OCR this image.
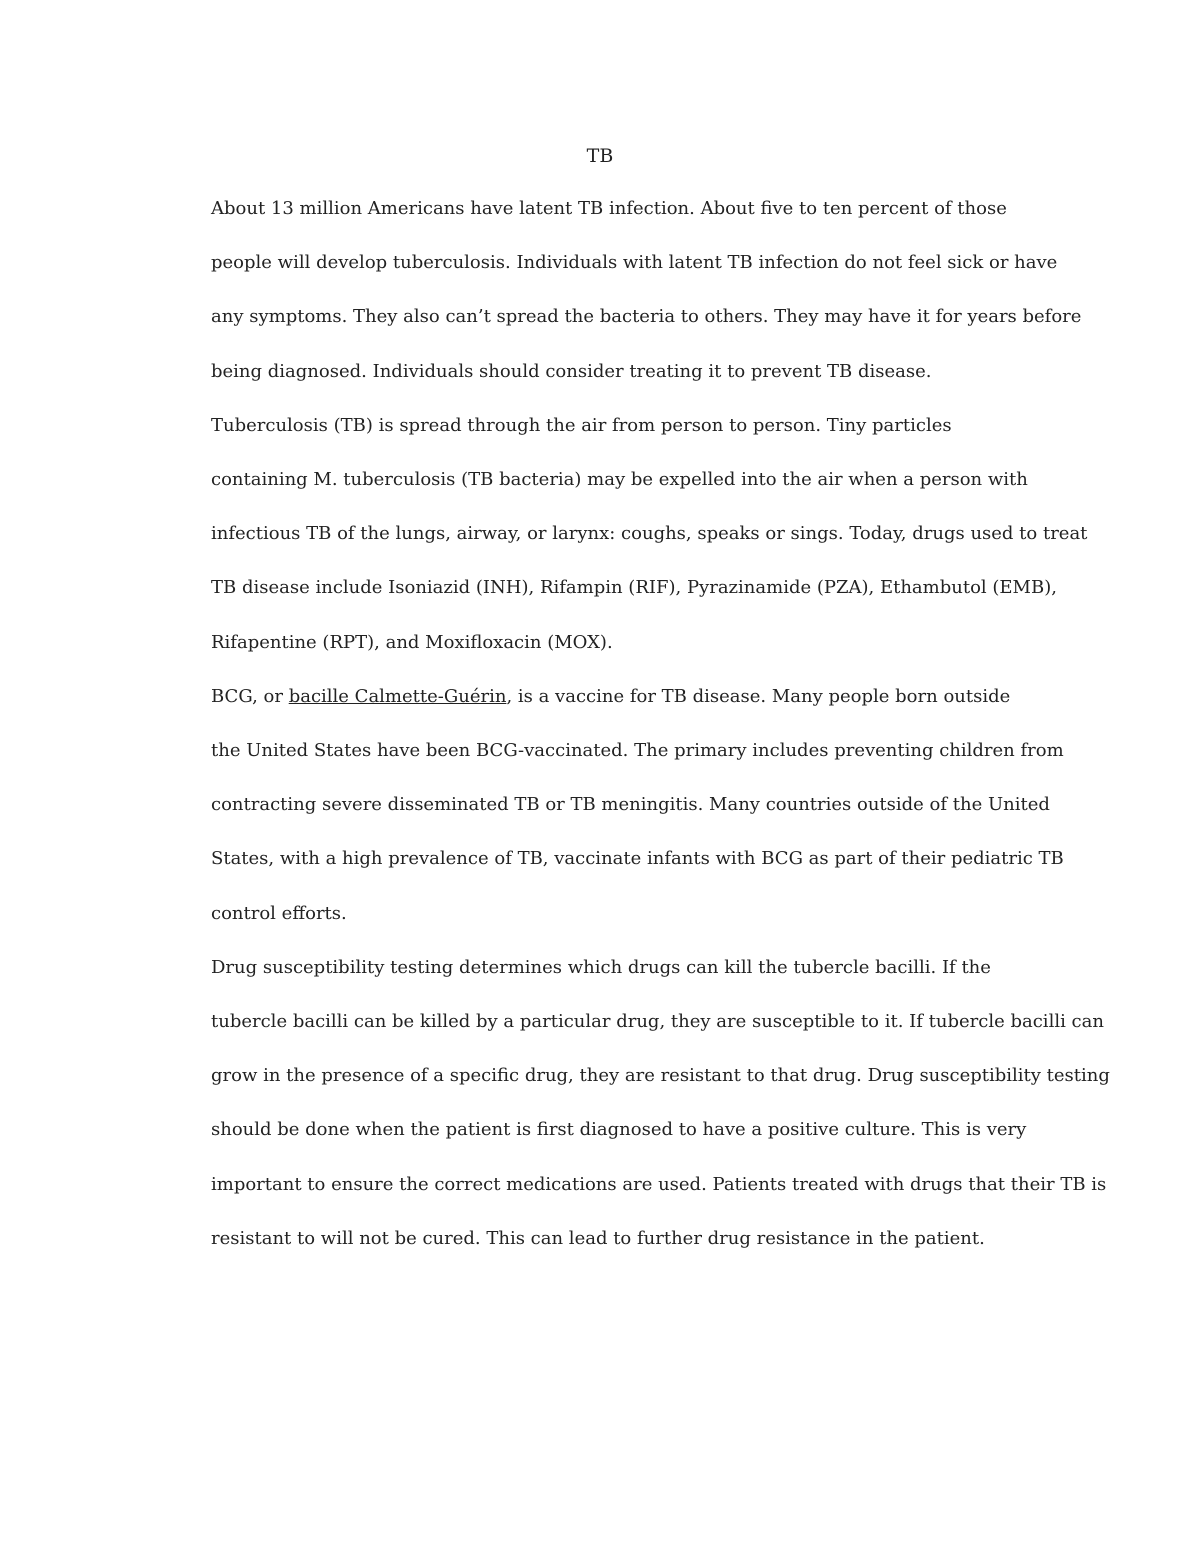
TB

About 13 million Americans have latent TB infection. About five to ten percent of those
people will develop tuberculosis. Individuals with latent TB infection do not feel sick or have
any symptoms. They also can’t spread the bacteria to others. They may have it for years before
being diagnosed. Individuals should consider treating it to prevent TB disease.

Tuberculosis (TB) is spread through the air from person to person. Tiny particles
containing M. tuberculosis (TB bacteria) may be expelled into the air when a person with
infectious TB of the lungs, airway, or larynx: coughs, speaks or sings. Today, drugs used to treat
TB disease include Isoniazid (INH), Rifampin (RIF), Pyrazinamide (PZA), Ethambutol (EMB),
Rifapentine (RPT), and Moxifloxacin (MOX).

BCG, or bacille Calmette-Guérin, is a vaccine for TB disease. Many people born outside
the United States have been BCG-vaccinated. The primary includes preventing children from
contracting severe disseminated TB or TB meningitis. Many countries outside of the United
States, with a high prevalence of TB, vaccinate infants with BCG as part of their pediatric TB
control efforts.

Drug susceptibility testing determines which drugs can kill the tubercle bacilli. If the
tubercle bacilli can be killed by a particular drug, they are susceptible to it. If tubercle bacilli can
grow in the presence of a specific drug, they are resistant to that drug. Drug susceptibility testing
should be done when the patient is first diagnosed to have a positive culture. This is very
important to ensure the correct medications are used. Patients treated with drugs that their TB is
resistant to will not be cured. This can lead to further drug resistance in the patient.
